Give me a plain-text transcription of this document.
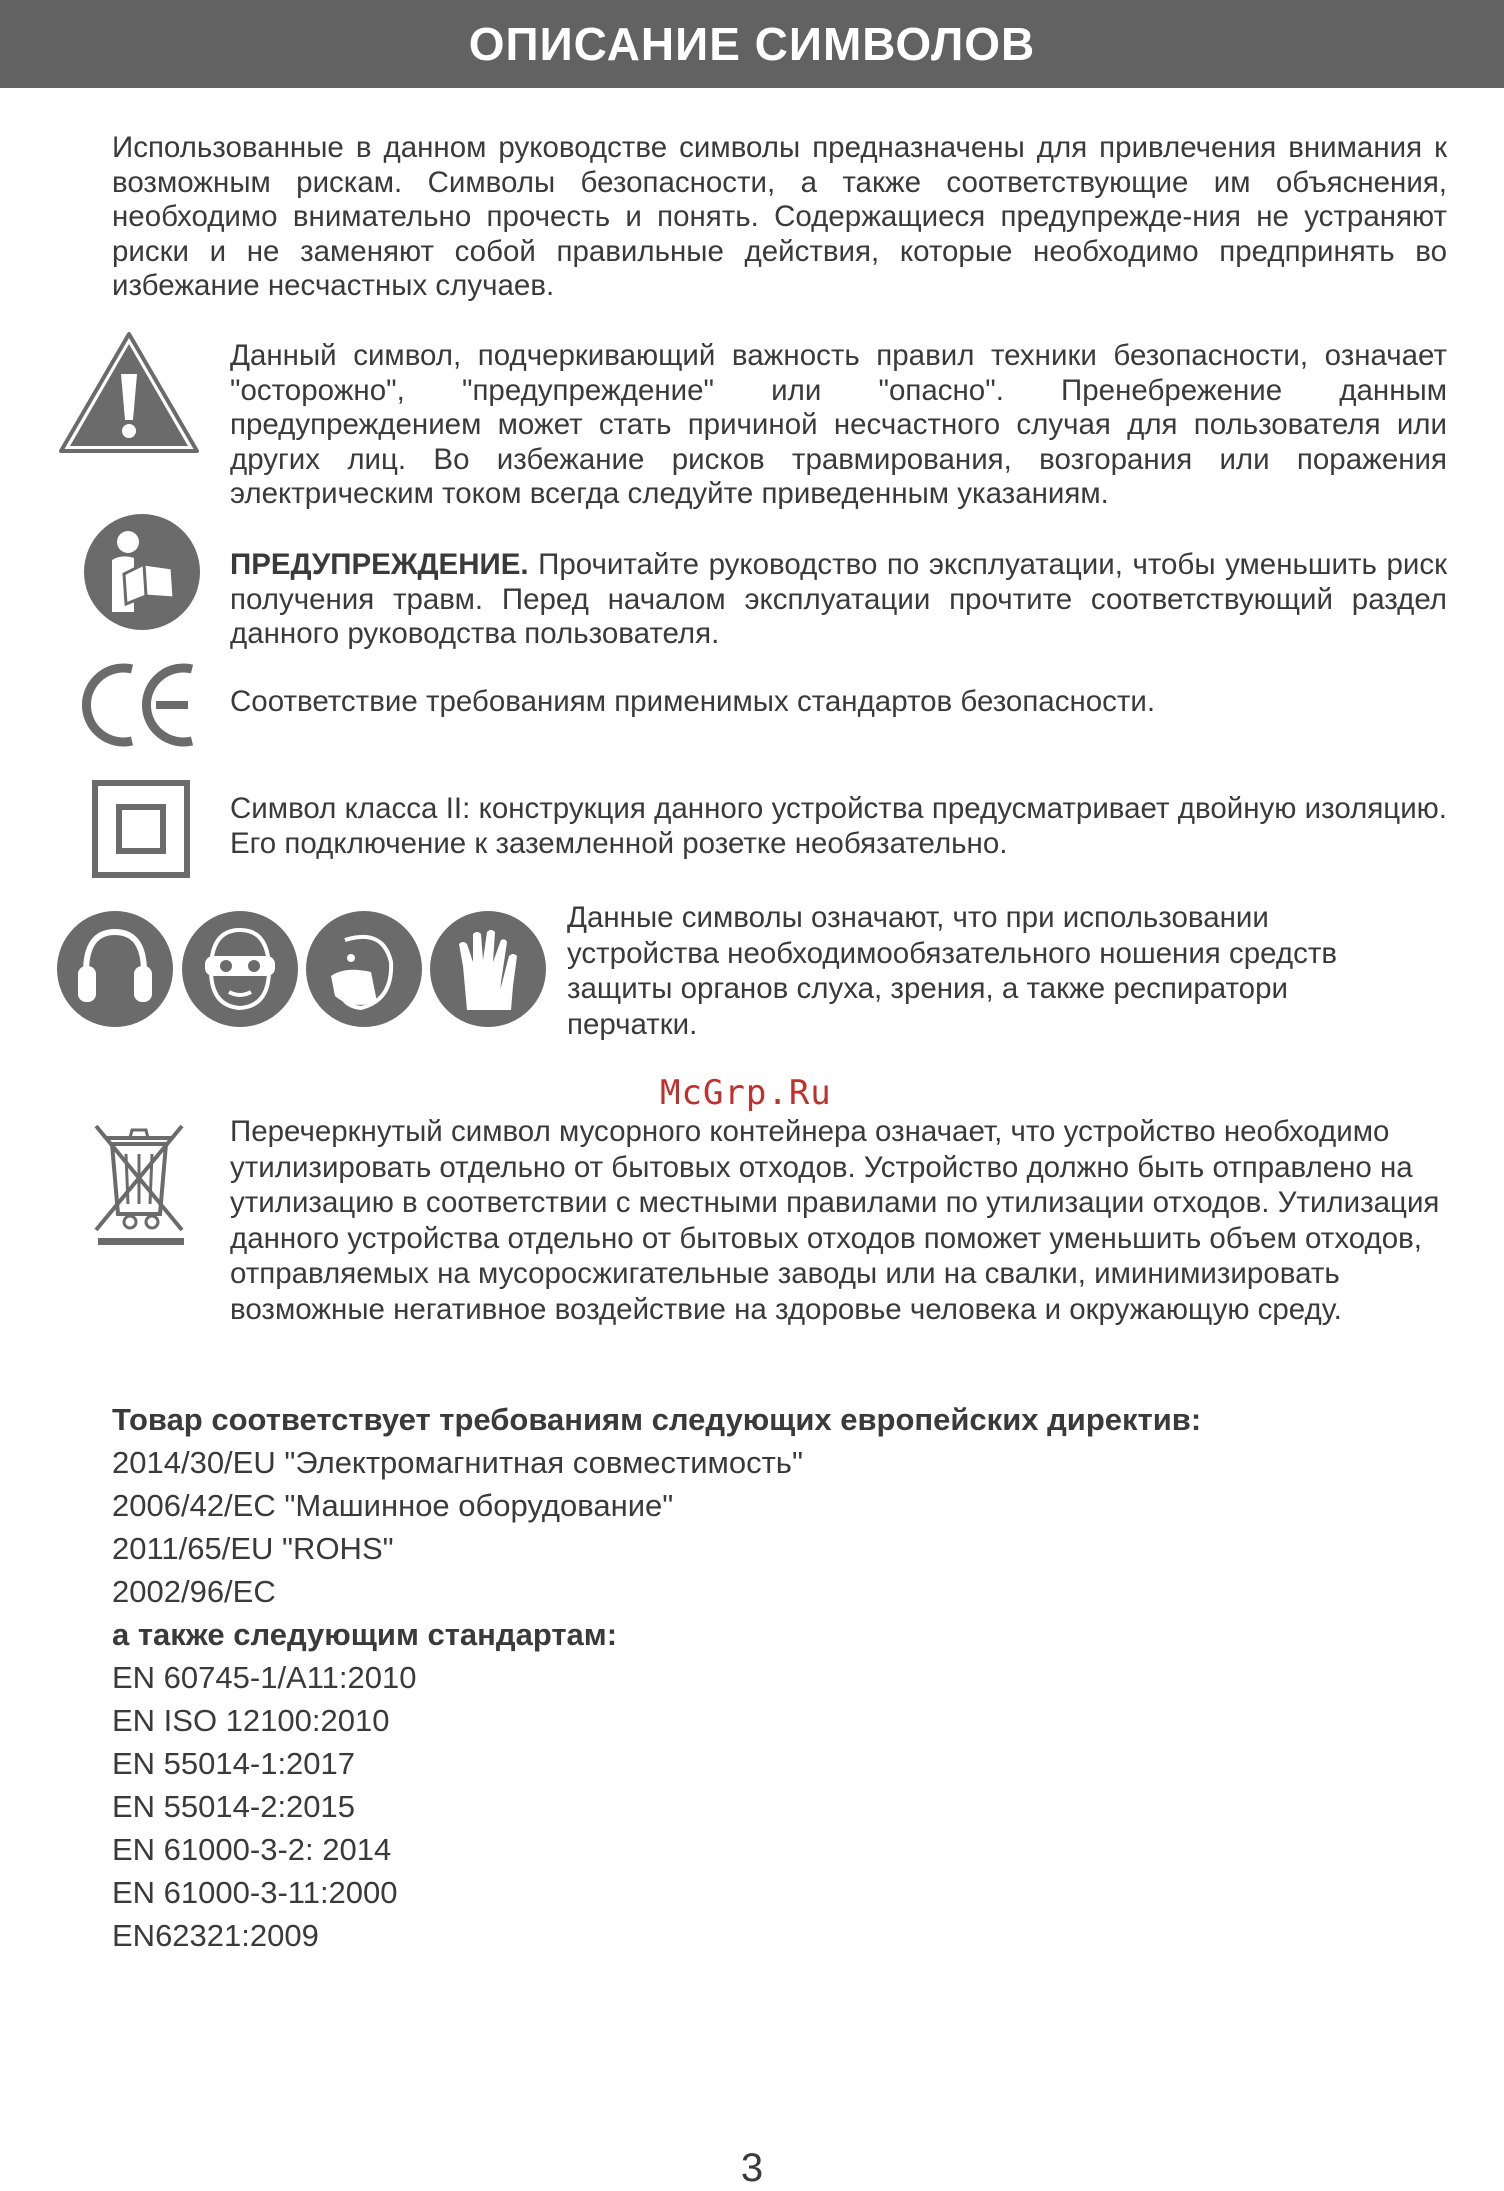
ОПИСАНИЕ СИМВОЛОВ

Использованные в данном руководстве символы предназначены для привлечения внимания к возможным рискам. Символы безопасности, а также соответствующие им объяснения, необходимо внимательно прочесть и понять. Содержащиеся предупрежде-ния не устраняют риски и не заменяют собой правильные действия, которые необходимо предпринять во избежание несчастных случаев.

Данный символ, подчеркивающий важность правил техники безопасности, означает "осторожно", "предупреждение" или "опасно". Пренебрежение данным предупреждением может стать причиной несчастного случая для пользователя или других лиц. Во избежание рисков травмирования, возгорания или поражения электрическим током всегда следуйте приведенным указаниям.

ПРЕДУПРЕЖДЕНИЕ. Прочитайте руководство по эксплуатации, чтобы уменьшить риск получения травм. Перед началом эксплуатации прочтите соответствующий раздел данного руководства пользователя.

Соответствие требованиям применимых стандартов безопасности.

Символ класса II: конструкция данного устройства предусматривает двойную изоляцию. Его подключение к заземленной розетке необязательно.

Данные символы означают, что при использовании устройства необходимообязательного ношения средств защиты органов слуха, зрения, а также респиратори перчатки.

McGrp.Ru

Перечеркнутый символ мусорного контейнера означает, что устройство необходимо утилизировать отдельно от бытовых отходов. Устройство должно быть отправлено на утилизацию в соответствии с местными правилами по утилизации отходов. Утилизация данного устройства отдельно от бытовых отходов поможет уменьшить объем отходов, отправляемых на мусоросжигательные заводы или на свалки, иминимизировать возможные негативное воздействие на здоровье человека и окружающую среду.

Товар соответствует требованиям следующих европейских директив:
2014/30/EU "Электромагнитная совместимость"
2006/42/EC "Машинное оборудование"
2011/65/EU "ROHS"
2002/96/EC
а также следующим стандартам:
EN 60745-1/A11:2010
EN ISO 12100:2010
EN 55014-1:2017
EN 55014-2:2015
EN 61000-3-2: 2014
EN 61000-3-11:2000
EN62321:2009
3
